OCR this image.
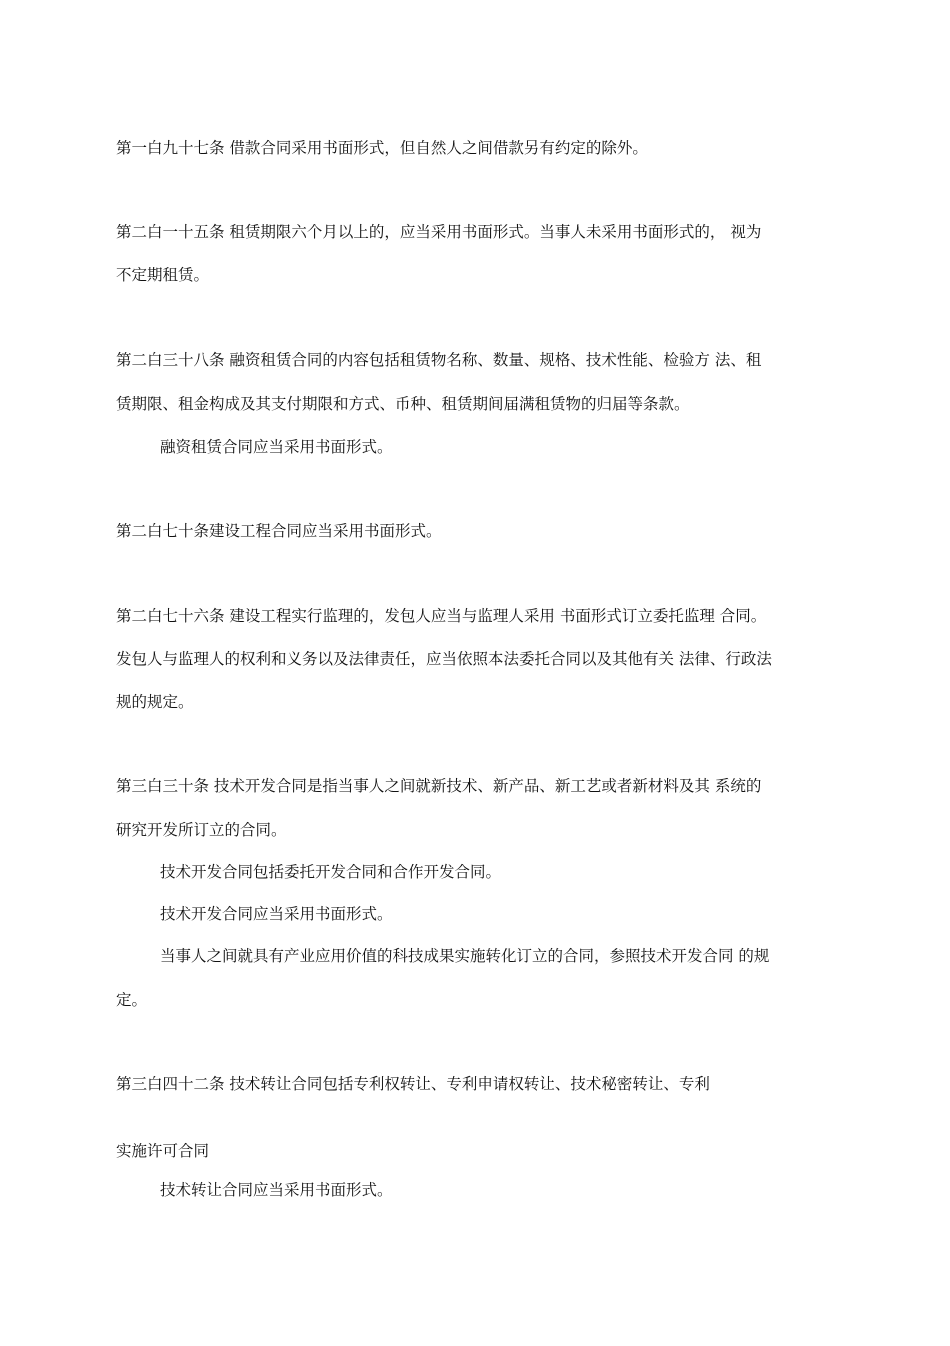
第一白九十七条 借款合同采用书面形式，但自然人之间借款另有约定的除外。
第二白一十五条 租赁期限六个月以上的，应当采用书面形式。当事人未采用书面形式的， 视为
不定期租赁。
第二白三十八条 融资租赁合同的内容包括租赁物名称、数量、规格、技术性能、检验方 法、租
赁期限、租金构成及其支付期限和方式、币种、租赁期间届满租赁物的归届等条款。
融资租赁合同应当采用书面形式。
第二白七十条建设工程合同应当采用书面形式。
第二白七十六条 建设工程实行监理的，发包人应当与监理人采用 书面形式订立委托监理 合同。
发包人与监理人的权利和义务以及法律责任，应当依照本法委托合同以及其他有关 法律、行政法
规的规定。
第三白三十条 技术开发合同是指当事人之间就新技术、新产品、新工艺或者新材料及其 系统的
研究开发所订立的合同。
技术开发合同包括委托开发合同和合作开发合同。
技术开发合同应当采用书面形式。
当事人之间就具有产业应用价值的科技成果实施转化订立的合同，参照技术开发合同 的规
定。
第三白四十二条 技术转让合同包括专利权转让、专利申请权转让、技术秘密转让、专利
实施许可合同
技术转让合同应当采用书面形式。
